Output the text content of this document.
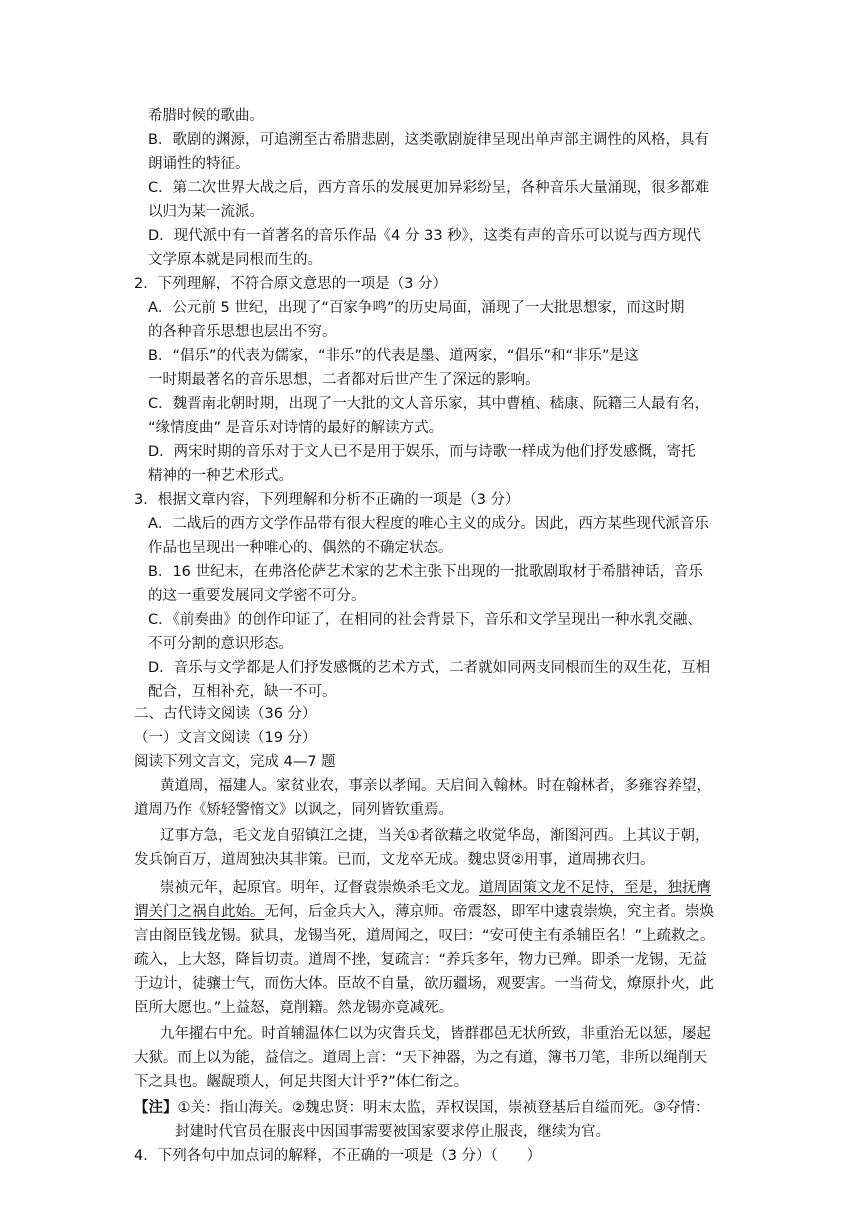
希腊时候的歌曲。
B．歌剧的渊源，可追溯至古希腊悲剧，这类歌剧旋律呈现出单声部主调性的风格，具有
朗诵性的特征。
C．第二次世界大战之后，西方音乐的发展更加异彩纷呈，各种音乐大量涌现，很多都难
以归为某一流派。
D．现代派中有一首著名的音乐作品《4 分 33 秒》，这类有声的音乐可以说与西方现代
文学原本就是同根而生的。
2．下列理解，不符合原文意思的一项是（3 分）
A．公元前 5 世纪，出现了“百家争鸣”的历史局面，涌现了一大批思想家，而这时期
的各种音乐思想也层出不穷。
B．“倡乐”的代表为儒家，“非乐”的代表是墨、道两家，“倡乐”和“非乐”是这
一时期最著名的音乐思想，二者都对后世产生了深远的影响。
C．魏晋南北朝时期，出现了一大批的文人音乐家，其中曹植、嵇康、阮籍三人最有名，
“缘情度曲” 是音乐对诗情的最好的解读方式。
D．两宋时期的音乐对于文人已不是用于娱乐，而与诗歌一样成为他们抒发感慨，寄托
精神的一种艺术形式。
3．根据文章内容，下列理解和分析不正确的一项是（3 分）
A．二战后的西方文学作品带有很大程度的唯心主义的成分。因此，西方某些现代派音乐
作品也呈现出一种唯心的、偶然的不确定状态。
B．16 世纪末，在弗洛伦萨艺术家的艺术主张下出现的一批歌剧取材于希腊神话，音乐
的这一重要发展同文学密不可分。
C．《前奏曲》的创作印证了，在相同的社会背景下，音乐和文学呈现出一种水乳交融、
不可分割的意识形态。
D．音乐与文学都是人们抒发感慨的艺术方式，二者就如同两支同根而生的双生花，互相
配合，互相补充，缺一不可。
二、古代诗文阅读（36 分）
（一）文言文阅读（19 分）
阅读下列文言文，完成 4—7 题
黄道周，福建人。家贫业农，事亲以孝闻。天启间入翰林。时在翰林者，多雍容养望，
道周乃作《矫轻警惰文》以讽之，同列皆钦重焉。
辽事方急，毛文龙自弨镇江之捷，当关①者欲藉之收觉华岛，渐图河西。上其议于朝，
发兵饷百万，道周独决其非策。已而，文龙卒无成。魏忠贤②用事，道周拂衣归。
崇祯元年，起原官。明年，辽督袁崇焕杀毛文龙。道周固策文龙不足恃，至是，独抚膺
谓关门之祸自此始。无何，后金兵大入，薄京师。帝震怒，即军中逮袁崇焕，究主者。崇焕
言由阁臣钱龙锡。狱具，龙锡当死，道周闻之，叹曰：“安可使主有杀辅臣名！”上疏救之。
疏入，上大怒，降旨切责。道周不挫，复疏言：“养兵多年，物力已殚。即杀一龙锡，无益
于边计，徒骧士气，而伤大体。臣故不自量，欲历疆场，观要害。一当荷戈，燎原扑火，此
臣所大愿也。”上益怒，竟削籍。然龙锡亦竟减死。
九年擢右中允。时首辅温体仁以为灾眚兵戈，皆群郡邑无状所致，非重治无以惩，屡起
大狱。而上以为能，益信之。道周上言：“天下神器，为之有道，簿书刀笔，非所以绳削天
下之具也。龌龊琐人，何足共图大计乎?”体仁衔之。
【注】①关：指山海关。②魏忠贤：明末太监，弄权误国，崇祯登基后自缢而死。③夺情：
封建时代官员在服丧中因国事需要被国家要求停止服丧，继续为官。
4．下列各句中加点词的解释，不正确的一项是（3 分）（　　）
